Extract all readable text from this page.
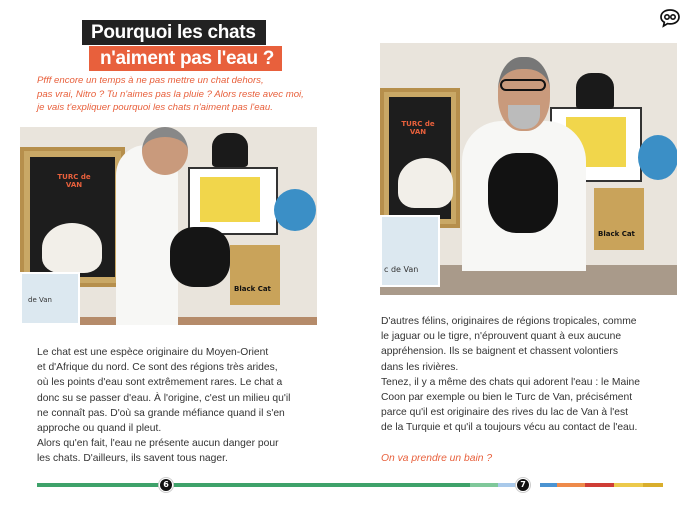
Pourquoi les chats
n'aiment pas l'eau ?
Pfff encore un temps à ne pas mettre un chat dehors,
pas vrai, Nitro ? Tu n'aimes pas la pluie ? Alors reste avec moi,
je vais t'expliquer pourquoi les chats n'aiment pas l'eau.
TURC de VAN
de Van
Black Cat
TURC de VAN
c de Van
Black Cat
Le chat est une espèce originaire du Moyen-Orient
et d'Afrique du nord. Ce sont des régions très arides,
où les points d'eau sont extrêmement rares. Le chat a
donc su se passer d'eau. À l'origine, c'est un milieu qu'il
ne connaît pas. D'où sa grande méfiance quand il s'en
approche ou quand il pleut.
Alors qu'en fait, l'eau ne présente aucun danger pour
les chats. D'ailleurs, ils savent tous nager.
D'autres félins, originaires de régions tropicales, comme
le jaguar ou le tigre, n'éprouvent quant à eux aucune
appréhension. Ils se baignent et chassent volontiers
dans les rivières.
Tenez, il y a même des chats qui adorent l'eau : le Maine
Coon par exemple ou bien le Turc de Van, précisément
parce qu'il est originaire des rives du lac de Van à l'est
de la Turquie et qu'il a toujours vécu au contact de l'eau.
On va prendre un bain ?
6	7
